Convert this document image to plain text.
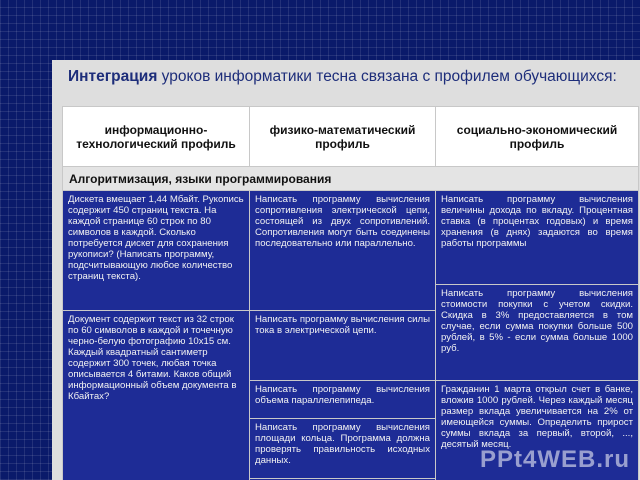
Интеграция уроков информатики тесна связана с профилем обучающихся:
информационно-технологический профиль	физико-математический профиль	социально-экономический профиль
Алгоритмизация, языки программирования		
Дискета вмещает 1,44 Мбайт. Рукопись содержит 450 страниц текста. На каждой странице 60 строк по 80 символов в каждой. Сколько потребуется дискет для сохранения рукописи? (Написать программу, подсчитывающую любое количество страниц текста).	Написать программу вычисления сопротивления электрической цепи, состоящей из двух сопротивлений. Сопротивления могут быть соединены последовательно или параллельно.	Написать программу вычисления величины дохода по вкладу. Процентная ставка (в процентах годовых) и время хранения (в днях) задаются во время работы программы
		Написать программу вычисления стоимости покупки с учетом скидки. Скидка в 3% предоставляется в том случае, если сумма покупки больше 500 рублей, в 5% - если сумма больше 1000 руб.
Документ содержит текст из 32 строк по 60 символов в каждой и точечную черно-белую фотографию 10х15 см. Каждый квадратный сантиметр содержит 300 точек, любая точка описывается 4 битами. Каков общий информационный объем документа в Кбайтах?	Написать программу вычисления силы тока в электрической цепи.	
	Написать программу вычисления объема параллелепипеда.	Гражданин 1 марта открыл счет в банке, вложив 1000 рублей. Через каждый месяц размер вклада увеличивается на 2% от имеющейся суммы. Определить прирост суммы вклада за первый, второй, ..., десятый месяц.
	Написать программу вычисления площади кольца. Программа должна проверять правильность исходных данных.		PPt4WEB.ru
